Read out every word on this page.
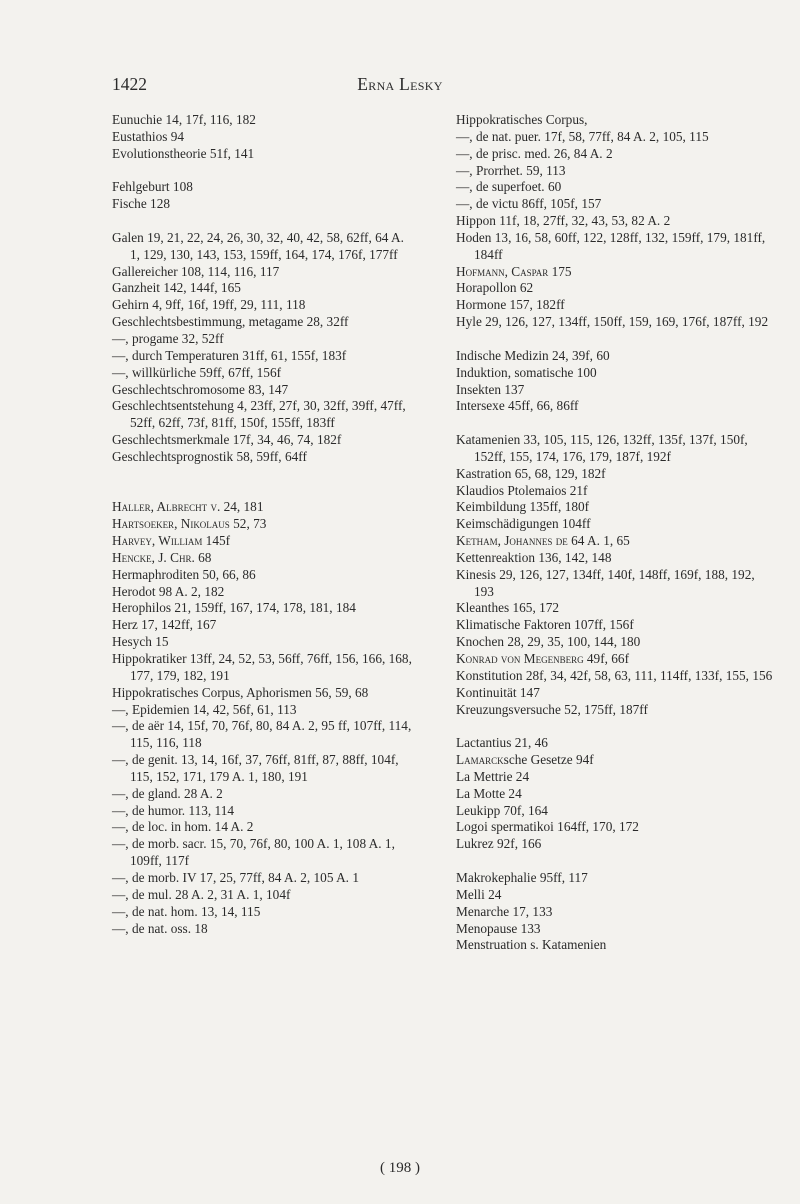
1422	Erna Lesky

Eunuchie 14, 17f, 116, 182

Eustathios 94

Evolutionstheorie 51f, 141

Fehlgeburt 108

Fische 128

Galen 19, 21, 22, 24, 26, 30, 32, 40, 42, 58, 62ff, 64 A. 1, 129, 130, 143, 153, 159ff, 164, 174, 176f, 177ff

Gallereicher 108, 114, 116, 117

Ganzheit 142, 144f, 165

Gehirn 4, 9ff, 16f, 19ff, 29, 111, 118

Geschlechtsbestimmung, metagame 28, 32ff

—, progame 32, 52ff

—, durch Temperaturen 31ff, 61, 155f, 183f

—, willkürliche 59ff, 67ff, 156f

Geschlechtschromosome 83, 147

Geschlechtsentstehung 4, 23ff, 27f, 30, 32ff, 39ff, 47ff, 52ff, 62ff, 73f, 81ff, 150f, 155ff, 183ff

Geschlechtsmerkmale 17f, 34, 46, 74, 182f

Geschlechtsprognostik 58, 59ff, 64ff

Haller, Albrecht v. 24, 181

Hartsoeker, Nikolaus 52, 73

Harvey, William 145f

Hencke, J. Chr. 68

Hermaphroditen 50, 66, 86

Herodot 98 A. 2, 182

Herophilos 21, 159ff, 167, 174, 178, 181, 184

Herz 17, 142ff, 167

Hesych 15

Hippokratiker 13ff, 24, 52, 53, 56ff, 76ff, 156, 166, 168, 177, 179, 182, 191

Hippokratisches Corpus, Aphorismen 56, 59, 68

—, Epidemien 14, 42, 56f, 61, 113

—, de aër 14, 15f, 70, 76f, 80, 84 A. 2, 95 ff, 107ff, 114, 115, 116, 118

—, de genit. 13, 14, 16f, 37, 76ff, 81ff, 87, 88ff, 104f, 115, 152, 171, 179 A. 1, 180, 191

—, de gland. 28 A. 2

—, de humor. 113, 114

—, de loc. in hom. 14 A. 2

—, de morb. sacr. 15, 70, 76f, 80, 100 A. 1, 108 A. 1, 109ff, 117f

—, de morb. IV 17, 25, 77ff, 84 A. 2, 105 A. 1

—, de mul. 28 A. 2, 31 A. 1, 104f

—, de nat. hom. 13, 14, 115

—, de nat. oss. 18

Hippokratisches Corpus,

—, de nat. puer. 17f, 58, 77ff, 84 A. 2, 105, 115

—, de prisc. med. 26, 84 A. 2

—, Prorrhet. 59, 113

—, de superfoet. 60

—, de victu 86ff, 105f, 157

Hippon 11f, 18, 27ff, 32, 43, 53, 82 A. 2

Hoden 13, 16, 58, 60ff, 122, 128ff, 132, 159ff, 179, 181ff, 184ff

Hofmann, Caspar 175

Horapollon 62

Hormone 157, 182ff

Hyle 29, 126, 127, 134ff, 150ff, 159, 169, 176f, 187ff, 192

Indische Medizin 24, 39f, 60

Induktion, somatische 100

Insekten 137

Intersexe 45ff, 66, 86ff

Katamenien 33, 105, 115, 126, 132ff, 135f, 137f, 150f, 152ff, 155, 174, 176, 179, 187f, 192f

Kastration 65, 68, 129, 182f

Klaudios Ptolemaios 21f

Keimbildung 135ff, 180f

Keimschädigungen 104ff

Ketham, Johannes de 64 A. 1, 65

Kettenreaktion 136, 142, 148

Kinesis 29, 126, 127, 134ff, 140f, 148ff, 169f, 188, 192, 193

Kleanthes 165, 172

Klimatische Faktoren 107ff, 156f

Knochen 28, 29, 35, 100, 144, 180

Konrad von Megenberg 49f, 66f

Konstitution 28f, 34, 42f, 58, 63, 111, 114ff, 133f, 155, 156

Kontinuität 147

Kreuzungsversuche 52, 175ff, 187ff

Lactantius 21, 46

Lamarcksche Gesetze 94f

La Mettrie 24

La Motte 24

Leukipp 70f, 164

Logoi spermatikoi 164ff, 170, 172

Lukrez 92f, 166

Makrokephalie 95ff, 117

Melli 24

Menarche 17, 133

Menopause 133

Menstruation s. Katamenien

( 198 )
